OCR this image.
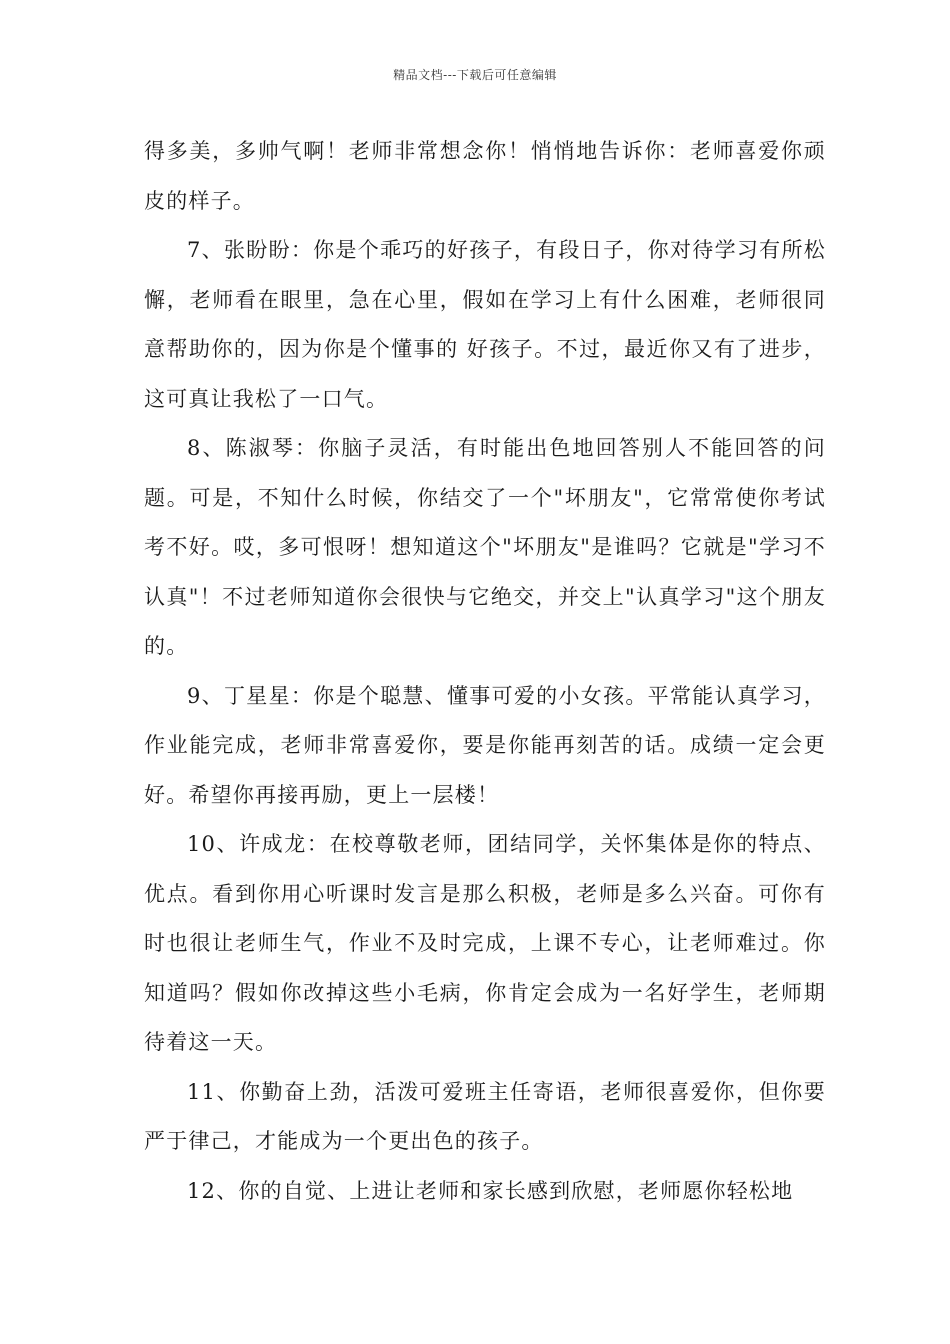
精品文档---下载后可任意编辑

得多美，多帅气啊！老师非常想念你！悄悄地告诉你：老师喜爱你顽皮的样子。

7、张盼盼：你是个乖巧的好孩子，有段日子，你对待学习有所松懈，老师看在眼里，急在心里，假如在学习上有什么困难，老师很同意帮助你的，因为你是个懂事的 好孩子。不过，最近你又有了进步，这可真让我松了一口气。

8、陈淑琴：你脑子灵活，有时能出色地回答别人不能回答的问题。可是，不知什么时候，你结交了一个"坏朋友"，它常常使你考试考不好。哎，多可恨呀！想知道这个"坏朋友"是谁吗？它就是"学习不认真"！不过老师知道你会很快与它绝交，并交上"认真学习"这个朋友的。

9、丁星星：你是个聪慧、懂事可爱的小女孩。平常能认真学习，作业能完成，老师非常喜爱你，要是你能再刻苦的话。成绩一定会更好。希望你再接再励，更上一层楼！

10、许成龙：在校尊敬老师，团结同学，关怀集体是你的特点、优点。看到你用心听课时发言是那么积极，老师是多么兴奋。可你有时也很让老师生气，作业不及时完成，上课不专心，让老师难过。你知道吗？假如你改掉这些小毛病，你肯定会成为一名好学生，老师期待着这一天。

11、你勤奋上劲，活泼可爱班主任寄语，老师很喜爱你，但你要严于律己，才能成为一个更出色的孩子。

12、你的自觉、上进让老师和家长感到欣慰，老师愿你轻松地
